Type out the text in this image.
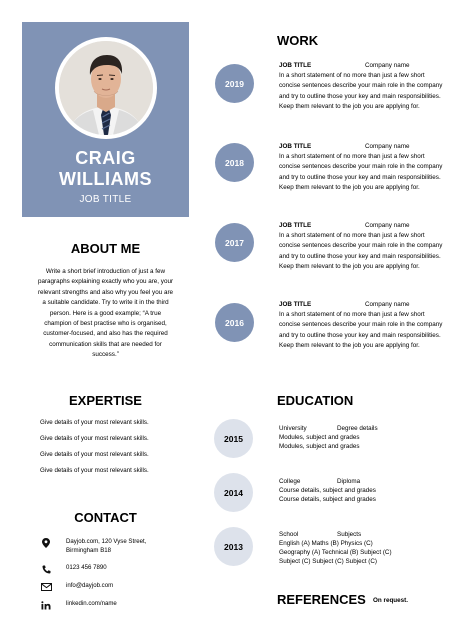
CRAIG
WILLIAMS
JOB TITLE
ABOUT ME
Write a short brief introduction of just a few paragraphs explaining exactly who you are, your relevant strengths and also why you feel you are a suitable candidate. Try to write it in the third person. Here is a good example; “A true champion of best practise who is organised, customer-focused, and also has the required communication skills that are needed for success.”
EXPERTISE
Give details of your most relevant skills.
Give details of your most relevant skills.
Give details of your most relevant skills.
Give details of your most relevant skills.
CONTACT
Dayjob.com, 120 Vyse Street,
Birmingham B18
0123 456 7890
info@dayjob.com
linkedin.com/name
WORK
2019
JOB TITLE	Company name
In a short statement of no more than just a few short concise sentences describe your main role in the company and try to outline those your key and main responsibilities. Keep them relevant to the job you are applying for.
2018
JOB TITLE	Company name
In a short statement of no more than just a few short concise sentences describe your main role in the company and try to outline those your key and main responsibilities. Keep them relevant to the job you are applying for.
2017
JOB TITLE	Company name
In a short statement of no more than just a few short concise sentences describe your main role in the company and try to outline those your key and main responsibilities. Keep them relevant to the job you are applying for.
2016
JOB TITLE	Company name
In a short statement of no more than just a few short concise sentences describe your main role in the company and try to outline those your key and main responsibilities. Keep them relevant to the job you are applying for.
EDUCATION
2015
University	Degree details
Modules, subject and grades
Modules, subject and grades
2014
College	Diploma
Course details, subject and grades
Course details, subject and grades
2013
School	Subjects
English (A) Maths (B) Physics (C)
Geography (A) Technical (B) Subject (C)
Subject (C) Subject (C) Subject (C)
REFERENCES On request.
